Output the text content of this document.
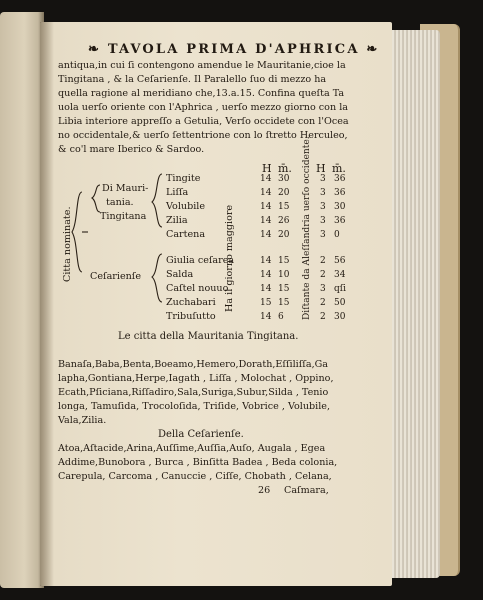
❧ TAVOLA PRIMA D'APHRICA ❧
antiqua,in cui ſi contengono amendue le Mauritanie,cioe la
Tingitana , & la Ceſarienſe. Il Paralello ſuo di mezzo ha
quella ragione al meridiano che,13.a.15. Confina queſta Ta
uola uerſo oriente con l'Aphrica , uerſo mezzo giorno con la
Libia interiore appreſſo a Getulia, Verſo occidete con l'Ocea
no occidentale,& uerſo ſettentrione con lo ſtretto Herculeo,
& co'l mare Iberico & Sardoo.
Citta nominate.
Di Mauri-
tania.
Tingitana
Ceſarienſe	Ha il giorno maggiore	Diſtante da Aleſſandria uerſo occidente.
H m̄. H m̄.
Le citta della Mauritania Tingitana.
Banaſa,Baba,Benta,Boeamo,Hemero,Dorath,Eſſiliſſa,Ga
lapha,Gontiana,Herpe,Iagath , Liſſa , Molochat , Oppino,
Ecath,Pſiciana,Riſſadiro,Sala,Suriga,Subur,Silda , Tenio
longa, Tamuſida, Trocoloſida, Triſide, Vobrice , Volubile,
Vala,Zilia.
Della Ceſarienſe.
Atoa,Aſtacide,Arina,Auſſime,Auſſia,Auſo, Augala , Egea
Addime,Bunobora , Burca , Binſitta Badea , Beda colonia,
Carepula, Carcoma , Canuccie , Ciſſe, Chobath , Celana,
26 Caſmara,
Tingite	14 30	3 36
Liſſa	14 20	3 36
Volubile	14 15	3 30
Zilia	14 26	3 36
Cartena	14 20	3 0
Giulia ceſarea	14 15	2 56
Salda	14 10	2 34
Caſtel nouuo	14 15	3 qſi
Zuchabari	15 15	2 50
Tribuſutto	14 6	2 30
